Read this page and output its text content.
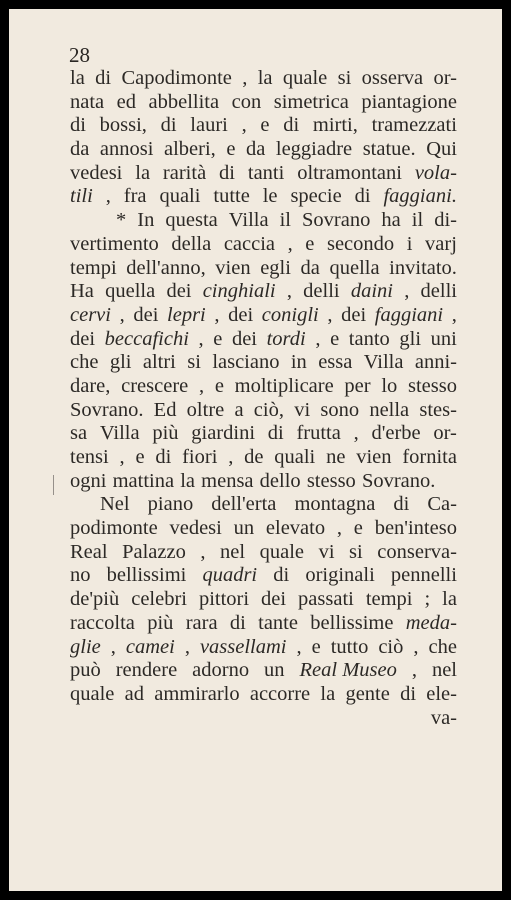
28
la di Capodimonte , la quale si osserva or-
nata ed abbellita con simetrica piantagione
di bossi, di lauri , e di mirti, tramezzati
da annosi alberi, e da leggiadre statue. Qui
vedesi la rarità di tanti oltramontani vola-
tili , fra quali tutte le specie di faggiani.
* In questa Villa il Sovrano ha il di-
vertimento della caccia , e secondo i varj
tempi dell'anno, vien egli da quella invitato.
Ha quella dei cinghiali , delli daini , delli
cervi , dei lepri , dei conigli , dei faggiani ,
dei beccafichi , e dei tordi , e tanto gli uni
che gli altri si lasciano in essa Villa anni-
dare, crescere , e moltiplicare per lo stesso
Sovrano. Ed oltre a ciò, vi sono nella stes-
sa Villa più giardini di frutta , d'erbe or-
tensi , e di fiori , de quali ne vien fornita
ogni mattina la mensa dello stesso Sovrano.
Nel piano dell'erta montagna di Ca-
podimonte vedesi un elevato , e ben'inteso
Real Palazzo , nel quale vi si conserva-
no bellissimi quadri di originali pennelli
de'più celebri pittori dei passati tempi ; la
raccolta più rara di tante bellissime meda-
glie , camei , vassellami , e tutto ciò , che
può rendere adorno un Real Museo , nel
quale ad ammirarlo accorre la gente di ele-
va-
